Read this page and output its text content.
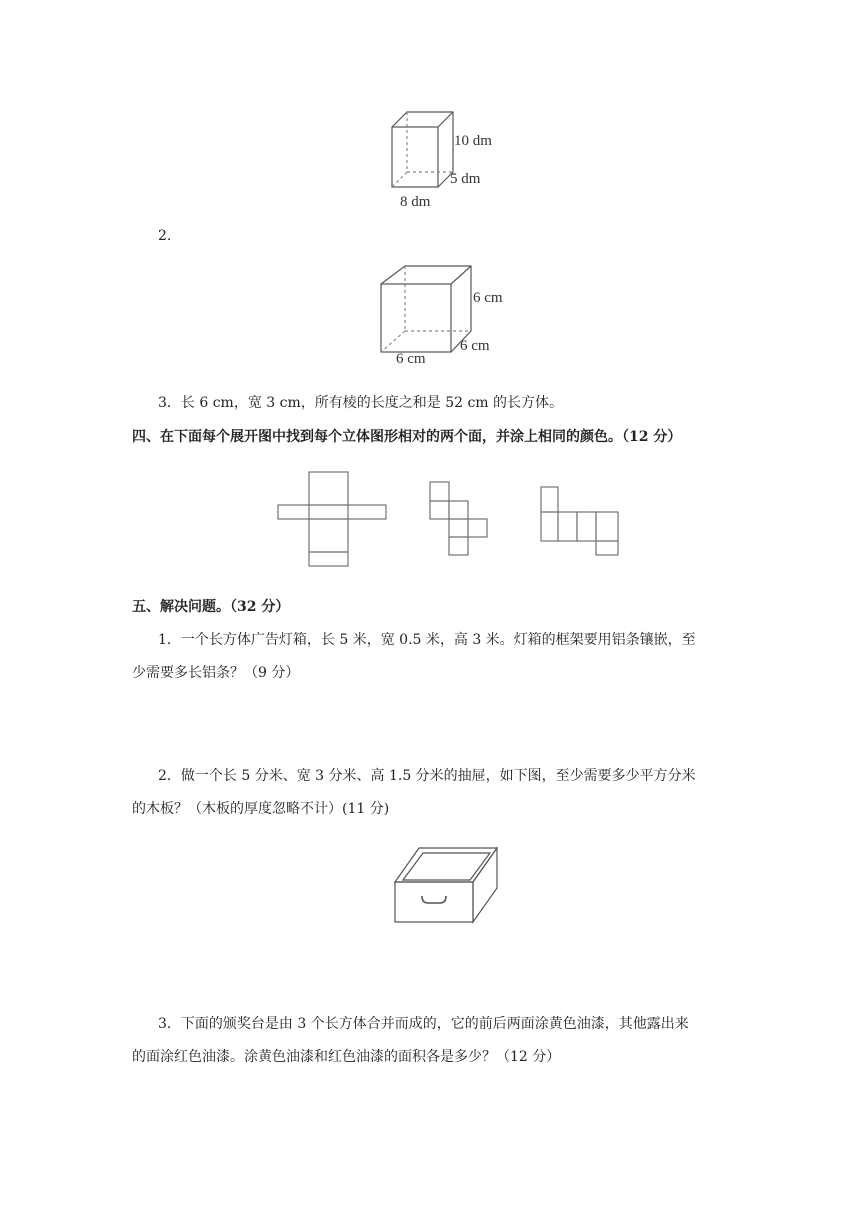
10 dm
5 dm
8 dm
2.
6 cm
6 cm
6 cm
3．长 6 cm，宽 3 cm，所有棱的长度之和是 52 cm 的长方体。
四、在下面每个展开图中找到每个立体图形相对的两个面，并涂上相同的颜色。（12 分）
五、解决问题。（32 分）
1．一个长方体广告灯箱，长 5 米，宽 0.5 米，高 3 米。灯箱的框架要用铝条镶嵌，至
少需要多长铝条？（9 分）
2．做一个长 5 分米、宽 3 分米、高 1.5 分米的抽屉，如下图，至少需要多少平方分米
的木板？（木板的厚度忽略不计）(11 分)
3．下面的颁奖台是由 3 个长方体合并而成的，它的前后两面涂黄色油漆，其他露出来
的面涂红色油漆。涂黄色油漆和红色油漆的面积各是多少？（12 分）
